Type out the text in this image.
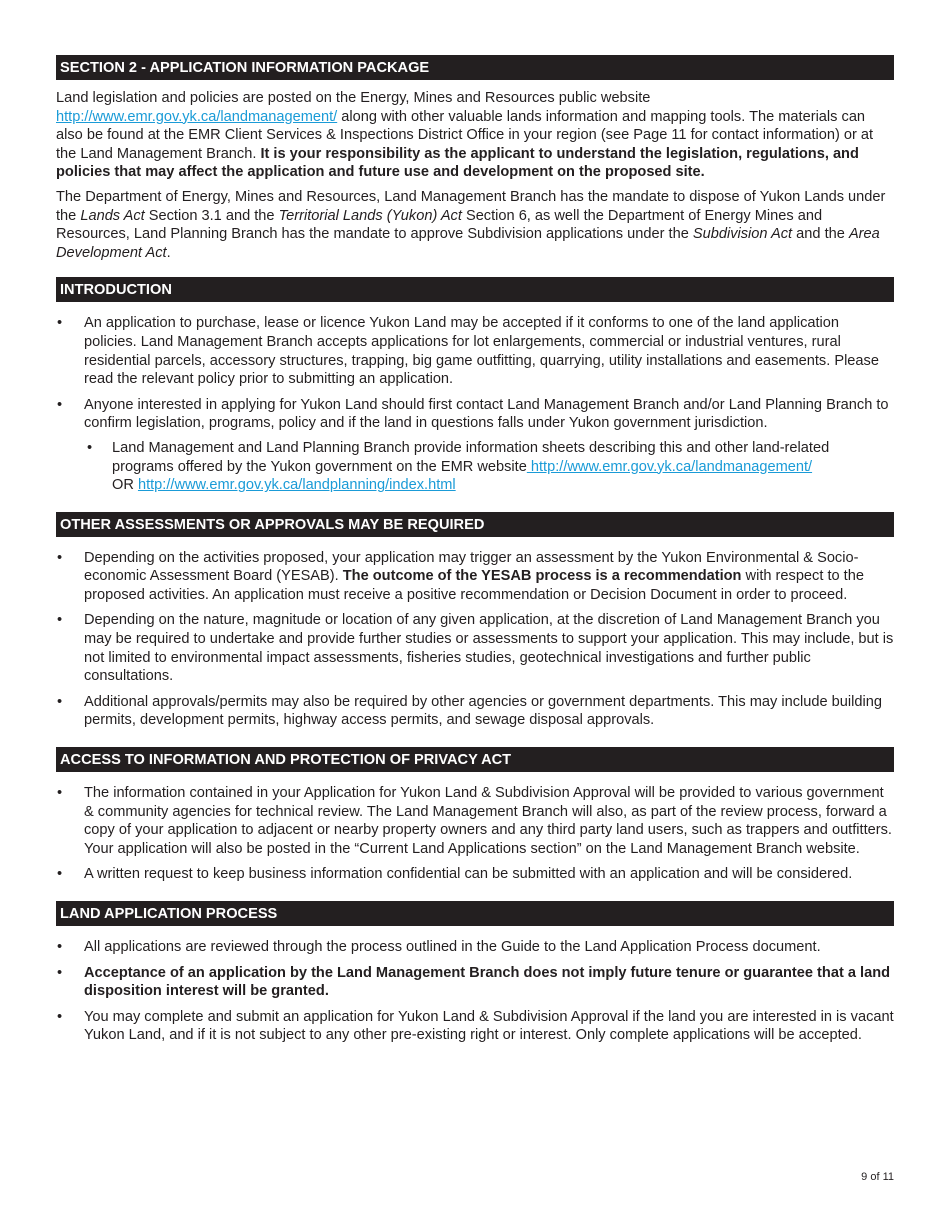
SECTION 2 - APPLICATION INFORMATION PACKAGE

Land legislation and policies are posted on the Energy, Mines and Resources public website http://www.emr.gov.yk.ca/landmanagement/ along with other valuable lands information and mapping tools. The materials can also be found at the EMR Client Services & Inspections District Office in your region (see Page 11 for contact information) or at the Land Management Branch. It is your responsibility as the applicant to understand the legislation, regulations, and policies that may affect the application and future use and development on the proposed site.

The Department of Energy, Mines and Resources, Land Management Branch has the mandate to dispose of Yukon Lands under the Lands Act Section 3.1 and the Territorial Lands (Yukon) Act Section 6, as well the Department of Energy Mines and Resources, Land Planning Branch has the mandate to approve Subdivision applications under the Subdivision Act and the Area Development Act.

INTRODUCTION
• An application to purchase, lease or licence Yukon Land may be accepted if it conforms to one of the land application policies. Land Management Branch accepts applications for lot enlargements, commercial or industrial ventures, rural residential parcels, accessory structures, trapping, big game outfitting, quarrying, utility installations and easements. Please read the relevant policy prior to submitting an application.
• Anyone interested in applying for Yukon Land should first contact Land Management Branch and/or Land Planning Branch to confirm legislation, programs, policy and if the land in questions falls under Yukon government jurisdiction.
• Land Management and Land Planning Branch provide information sheets describing this and other land-related programs offered by the Yukon government on the EMR website http://www.emr.gov.yk.ca/landmanagement/
OR http://www.emr.gov.yk.ca/landplanning/index.html
OTHER ASSESSMENTS OR APPROVALS MAY BE REQUIRED
• Depending on the activities proposed, your application may trigger an assessment by the Yukon Environmental & Socio-economic Assessment Board (YESAB). The outcome of the YESAB process is a recommendation with respect to the proposed activities. An application must receive a positive recommendation or Decision Document in order to proceed.
• Depending on the nature, magnitude or location of any given application, at the discretion of Land Management Branch you may be required to undertake and provide further studies or assessments to support your application. This may include, but is not limited to environmental impact assessments, fisheries studies, geotechnical investigations and further public consultations.
• Additional approvals/permits may also be required by other agencies or government departments. This may include building permits, development permits, highway access permits, and sewage disposal approvals.
ACCESS TO INFORMATION AND PROTECTION OF PRIVACY ACT
• The information contained in your Application for Yukon Land & Subdivision Approval will be provided to various government & community agencies for technical review. The Land Management Branch will also, as part of the review process, forward a copy of your application to adjacent or nearby property owners and any third party land users, such as trappers and outfitters. Your application will also be posted in the “Current Land Applications section” on the Land Management Branch website.
• A written request to keep business information confidential can be submitted with an application and will be considered.
LAND APPLICATION PROCESS
• All applications are reviewed through the process outlined in the Guide to the Land Application Process document.
• Acceptance of an application by the Land Management Branch does not imply future tenure or guarantee that a land disposition interest will be granted.
• You may complete and submit an application for Yukon Land & Subdivision Approval if the land you are interested in is vacant Yukon Land, and if it is not subject to any other pre-existing right or interest. Only complete applications will be accepted.
9 of 11
